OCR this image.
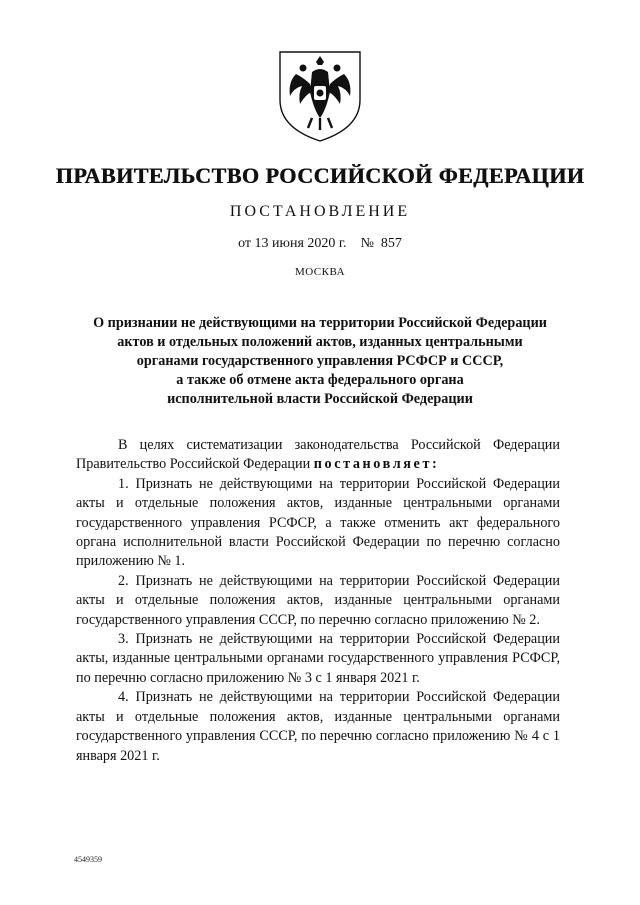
ПРАВИТЕЛЬСТВО РОССИЙСКОЙ ФЕДЕРАЦИИ
ПОСТАНОВЛЕНИЕ
от 13 июня 2020 г. № 857
МОСКВА
О признании не действующими на территории Российской Федерации
актов и отдельных положений актов, изданных центральными
органами государственного управления РСФСР и СССР,
а также об отмене акта федерального органа
исполнительной власти Российской Федерации

В целях систематизации законодательства Российской Федерации Правительство Российской Федерации постановляет:

1. Признать не действующими на территории Российской Федерации акты и отдельные положения актов, изданные центральными органами государственного управления РСФСР, а также отменить акт федерального органа исполнительной власти Российской Федерации по перечню согласно приложению № 1.

2. Признать не действующими на территории Российской Федерации акты и отдельные положения актов, изданные центральными органами государственного управления СССР, по перечню согласно приложению № 2.

3. Признать не действующими на территории Российской Федерации акты, изданные центральными органами государственного управления РСФСР, по перечню согласно приложению № 3 с 1 января 2021 г.

4. Признать не действующими на территории Российской Федерации акты и отдельные положения актов, изданные центральными органами государственного управления СССР, по перечню согласно приложению № 4 с 1 января 2021 г.

4549359
